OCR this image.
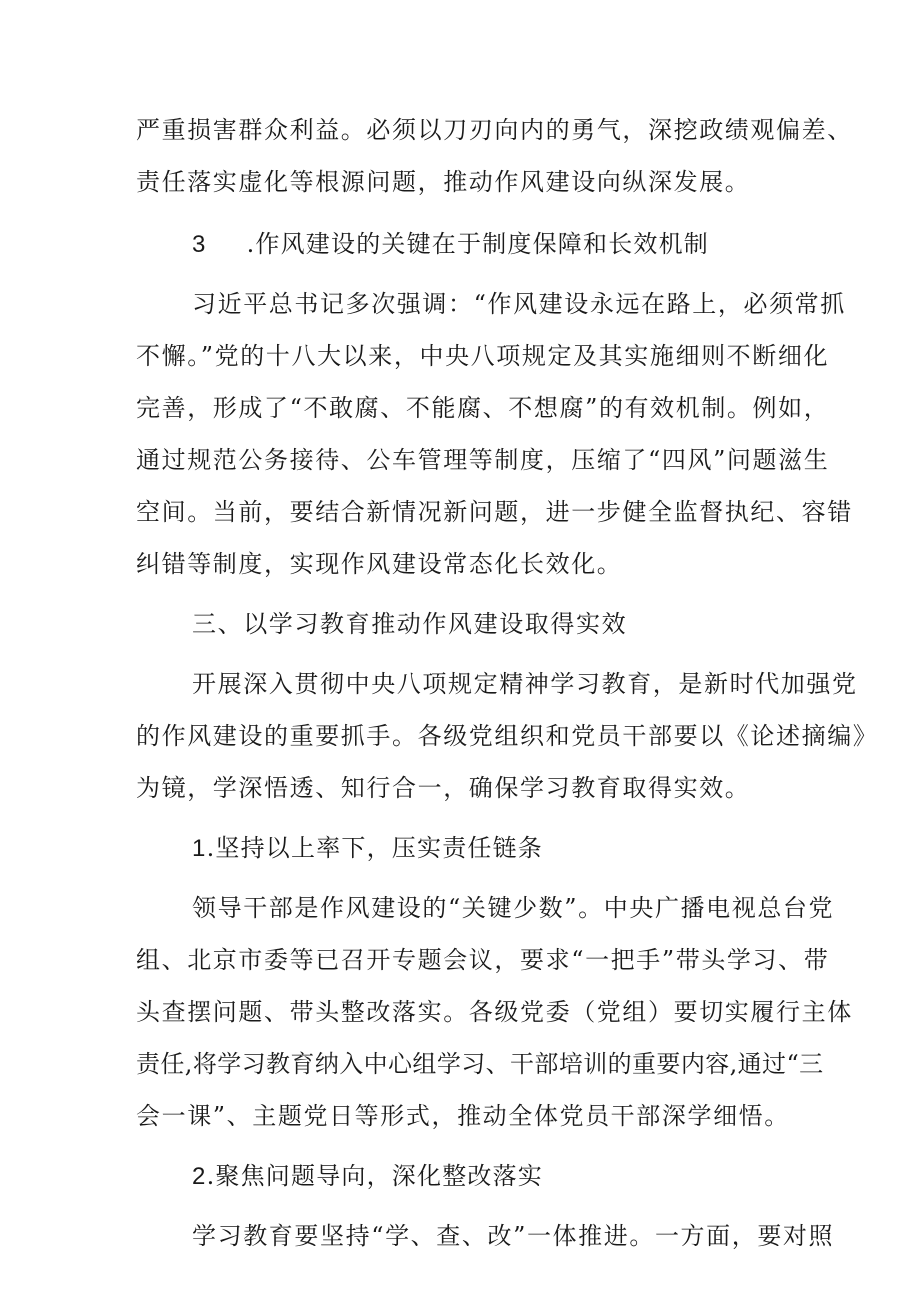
严重损害群众利益。必须以刀刃向内的勇气，深挖政绩观偏差、
责任落实虚化等根源问题，推动作风建设向纵深发展。
3 .作风建设的关键在于制度保障和长效机制
习近平总书记多次强调：“作风建设永远在路上，必须常抓
不懈。”党的十八大以来，中央八项规定及其实施细则不断细化
完善，形成了“不敢腐、不能腐、不想腐”的有效机制。例如，
通过规范公务接待、公车管理等制度，压缩了“四风”问题滋生
空间。当前，要结合新情况新问题，进一步健全监督执纪、容错
纠错等制度，实现作风建设常态化长效化。
三、以学习教育推动作风建设取得实效
开展深入贯彻中央八项规定精神学习教育，是新时代加强党
的作风建设的重要抓手。各级党组织和党员干部要以《论述摘编》
为镜，学深悟透、知行合一，确保学习教育取得实效。
1.坚持以上率下，压实责任链条
领导干部是作风建设的“关键少数”。中央广播电视总台党
组、北京市委等已召开专题会议，要求“一把手”带头学习、带
头查摆问题、带头整改落实。各级党委（党组）要切实履行主体
责任,将学习教育纳入中心组学习、干部培训的重要内容,通过“三
会一课”、主题党日等形式，推动全体党员干部深学细悟。
2.聚焦问题导向，深化整改落实
学习教育要坚持“学、查、改”一体推进。一方面，要对照
